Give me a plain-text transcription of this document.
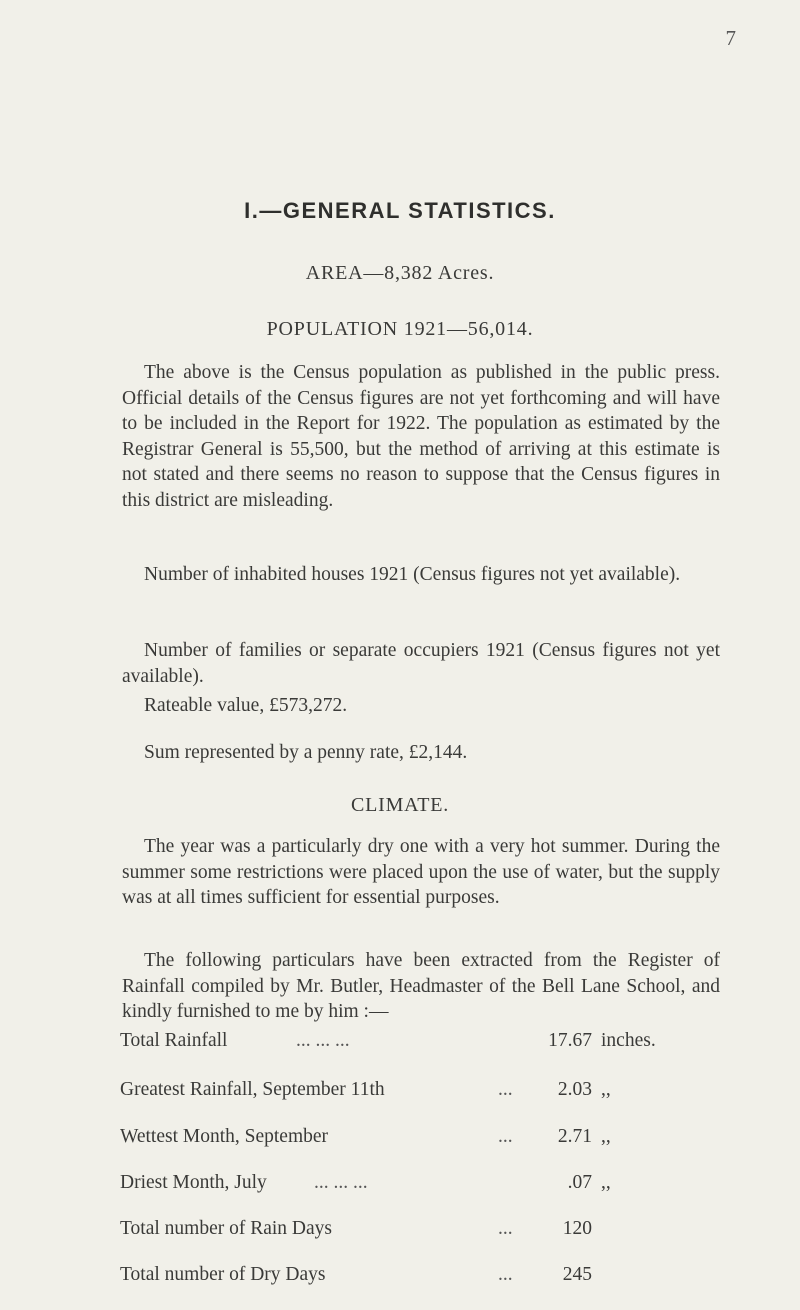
7
I.—GENERAL STATISTICS.
AREA—8,382 Acres.
POPULATION 1921—56,014.
The above is the Census population as published in the public press. Official details of the Census figures are not yet forthcoming and will have to be included in the Report for 1922. The population as estimated by the Registrar General is 55,500, but the method of arriving at this estimate is not stated and there seems no reason to suppose that the Census figures in this district are misleading.
Number of inhabited houses 1921 (Census figures not yet available).
Number of families or separate occupiers 1921 (Census figures not yet available).
Rateable value, £573,272.
Sum represented by a penny rate, £2,144.
CLIMATE.
The year was a particularly dry one with a very hot summer. During the summer some restrictions were placed upon the use of water, but the supply was at all times sufficient for essential purposes.
The following particulars have been extracted from the Register of Rainfall compiled by Mr. Butler, Headmaster of the Bell Lane School, and kindly furnished to me by him :—
Total Rainfall	... ... ...	17.67 inches.
Greatest Rainfall, September 11th	...	2.03 ,,
Wettest Month, September	...	2.71 ,,
Driest Month, July ... ... ...	.07 ,,
Total number of Rain Days	...	120
Total number of Dry Days	...	245
